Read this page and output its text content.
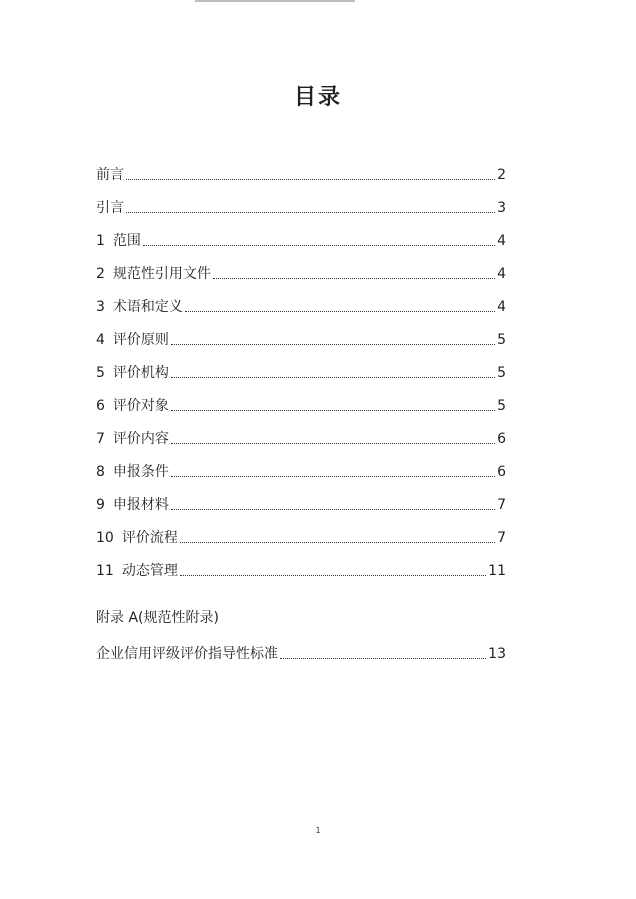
目录
前言	2
引言	3
1 范围	4
2 规范性引用文件	4
3 术语和定义	4
4 评价原则	5
5 评价机构	5
6 评价对象	5
7 评价内容	6
8 申报条件	6
9 申报材料	7
10 评价流程	7
11 动态管理	11
附录 A(规范性附录)
企业信用评级评价指导性标准	13
1
